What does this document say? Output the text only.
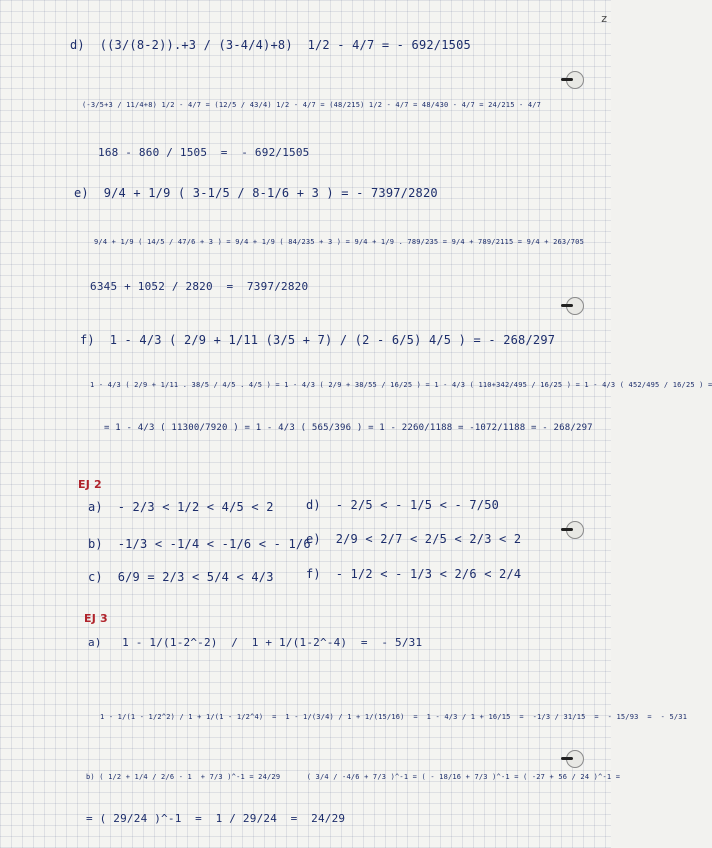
z
d)  ((3/(8-2)).+3 / (3-4/4)+8)  1/2 - 4/7 = - 692/1505
(-3/5+3 / 11/4+8) 1/2 - 4/7 = (12/5 / 43/4) 1/2 - 4/7 = (48/215) 1/2 - 4/7 = 48/430 - 4/7 = 24/215 - 4/7
168 - 860 / 1505  =  - 692/1505
e)  9/4 + 1/9 ( 3-1/5 / 8-1/6 + 3 ) = - 7397/2820
9/4 + 1/9 ( 14/5 / 47/6 + 3 ) = 9/4 + 1/9 ( 84/235 + 3 ) = 9/4 + 1/9 . 789/235 = 9/4 + 789/2115 = 9/4 + 263/705
6345 + 1052 / 2820  =  7397/2820
f)  1 - 4/3 ( 2/9 + 1/11 (3/5 + 7) / (2 - 6/5) 4/5 ) = - 268/297
1 - 4/3 ( 2/9 + 1/11 . 38/5 / 4/5 . 4/5 ) = 1 - 4/3 ( 2/9 + 38/55 / 16/25 ) = 1 - 4/3 ( 110+342/495 / 16/25 ) = 1 - 4/3 ( 452/495 / 16/25 ) =
= 1 - 4/3 ( 11300/7920 ) = 1 - 4/3 ( 565/396 ) = 1 - 2260/1188 = -1072/1188 = - 268/297
EJ 2
a)  - 2/3 < 1/2 < 4/5 < 2
b)  -1/3 < -1/4 < -1/6 < - 1/6
c)  6/9 = 2/3 < 5/4 < 4/3
d)  - 2/5 < - 1/5 < - 7/50
e)  2/9 < 2/7 < 2/5 < 2/3 < 2
f)  - 1/2 < - 1/3 < 2/6 < 2/4
EJ 3
a)   1 - 1/(1-2^-2)  /  1 + 1/(1-2^-4)  =  - 5/31
1 - 1/(1 - 1/2^2) / 1 + 1/(1 - 1/2^4)  =  1 - 1/(3/4) / 1 + 1/(15/16)  =  1 - 4/3 / 1 + 16/15  =  -1/3 / 31/15  =  - 15/93  =  - 5/31
b) ( 1/2 + 1/4 / 2/6 - 1  + 7/3 )^-1 = 24/29      ( 3/4 / -4/6 + 7/3 )^-1 = ( - 18/16 + 7/3 )^-1 = ( -27 + 56 / 24 )^-1 =
= ( 29/24 )^-1  =  1 / 29/24  =  24/29
